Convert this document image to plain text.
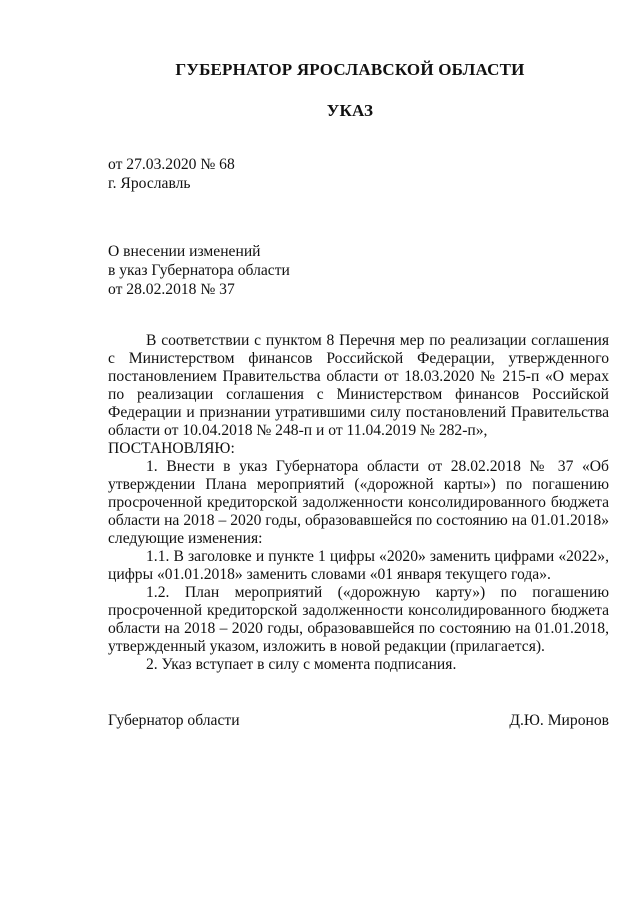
ГУБЕРНАТОР ЯРОСЛАВСКОЙ ОБЛАСТИ
УКАЗ
от 27.03.2020 № 68
г. Ярославль
О внесении изменений
в указ Губернатора области
от 28.02.2018 № 37

В соответствии с пунктом 8 Перечня мер по реализации соглашения с Министерством финансов Российской Федерации, утвержденного постановлением Правительства области от 18.03.2020 № 215-п «О мерах по реализации соглашения с Министерством финансов Российской Федерации и признании утратившими силу постановлений Правительства области от 10.04.2018 № 248-п и от 11.04.2019 № 282-п»,

ПОСТАНОВЛЯЮ:

1. Внести в указ Губернатора области от 28.02.2018 № 37 «Об утверждении Плана мероприятий («дорожной карты») по погашению просроченной кредиторской задолженности консолидированного бюджета области на 2018 – 2020 годы, образовавшейся по состоянию на 01.01.2018» следующие изменения:

1.1. В заголовке и пункте 1 цифры «2020» заменить цифрами «2022», цифры «01.01.2018» заменить словами «01 января текущего года».

1.2. План мероприятий («дорожную карту») по погашению просроченной кредиторской задолженности консолидированного бюджета области на 2018 – 2020 годы, образовавшейся по состоянию на 01.01.2018, утвержденный указом, изложить в новой редакции (прилагается).

2. Указ вступает в силу с момента подписания.

Губернатор области	Д.Ю. Миронов
